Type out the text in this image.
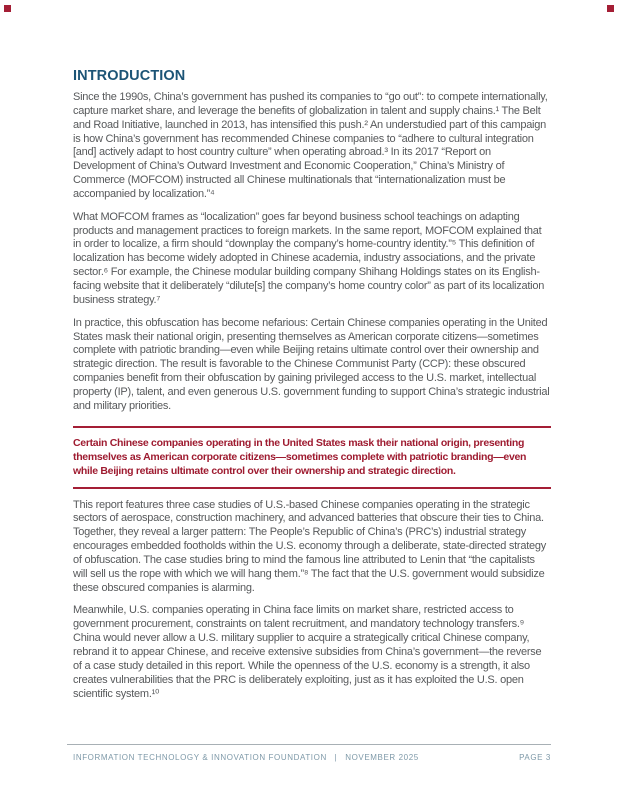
INTRODUCTION

Since the 1990s, China’s government has pushed its companies to “go out”: to compete internationally, capture market share, and leverage the benefits of globalization in talent and supply chains.¹ The Belt and Road Initiative, launched in 2013, has intensified this push.² An understudied part of this campaign is how China’s government has recommended Chinese companies to “adhere to cultural integration [and] actively adapt to host country culture” when operating abroad.³ In its 2017 “Report on Development of China’s Outward Investment and Economic Cooperation,” China’s Ministry of Commerce (MOFCOM) instructed all Chinese multinationals that “internationalization must be accompanied by localization.”⁴

What MOFCOM frames as “localization” goes far beyond business school teachings on adapting products and management practices to foreign markets. In the same report, MOFCOM explained that in order to localize, a firm should “downplay the company’s home-country identity.”⁵ This definition of localization has become widely adopted in Chinese academia, industry associations, and the private sector.⁶ For example, the Chinese modular building company Shihang Holdings states on its English-facing website that it deliberately “dilute[s] the company’s home country color” as part of its localization business strategy.⁷

In practice, this obfuscation has become nefarious: Certain Chinese companies operating in the United States mask their national origin, presenting themselves as American corporate citizens—sometimes complete with patriotic branding—even while Beijing retains ultimate control over their ownership and strategic direction. The result is favorable to the Chinese Communist Party (CCP): these obscured companies benefit from their obfuscation by gaining privileged access to the U.S. market, intellectual property (IP), talent, and even generous U.S. government funding to support China’s strategic industrial and military priorities.

Certain Chinese companies operating in the United States mask their national origin, presenting themselves as American corporate citizens—sometimes complete with patriotic branding—even while Beijing retains ultimate control over their ownership and strategic direction.

This report features three case studies of U.S.-based Chinese companies operating in the strategic sectors of aerospace, construction machinery, and advanced batteries that obscure their ties to China. Together, they reveal a larger pattern: The People’s Republic of China’s (PRC’s) industrial strategy encourages embedded footholds within the U.S. economy through a deliberate, state-directed strategy of obfuscation. The case studies bring to mind the famous line attributed to Lenin that “the capitalists will sell us the rope with which we will hang them.”⁸ The fact that the U.S. government would subsidize these obscured companies is alarming.

Meanwhile, U.S. companies operating in China face limits on market share, restricted access to government procurement, constraints on talent recruitment, and mandatory technology transfers.⁹ China would never allow a U.S. military supplier to acquire a strategically critical Chinese company, rebrand it to appear Chinese, and receive extensive subsidies from China’s government—the reverse of a case study detailed in this report. While the openness of the U.S. economy is a strength, it also creates vulnerabilities that the PRC is deliberately exploiting, just as it has exploited the U.S. open scientific system.¹⁰

INFORMATION TECHNOLOGY & INNOVATION FOUNDATION | NOVEMBER 2025	PAGE 3
